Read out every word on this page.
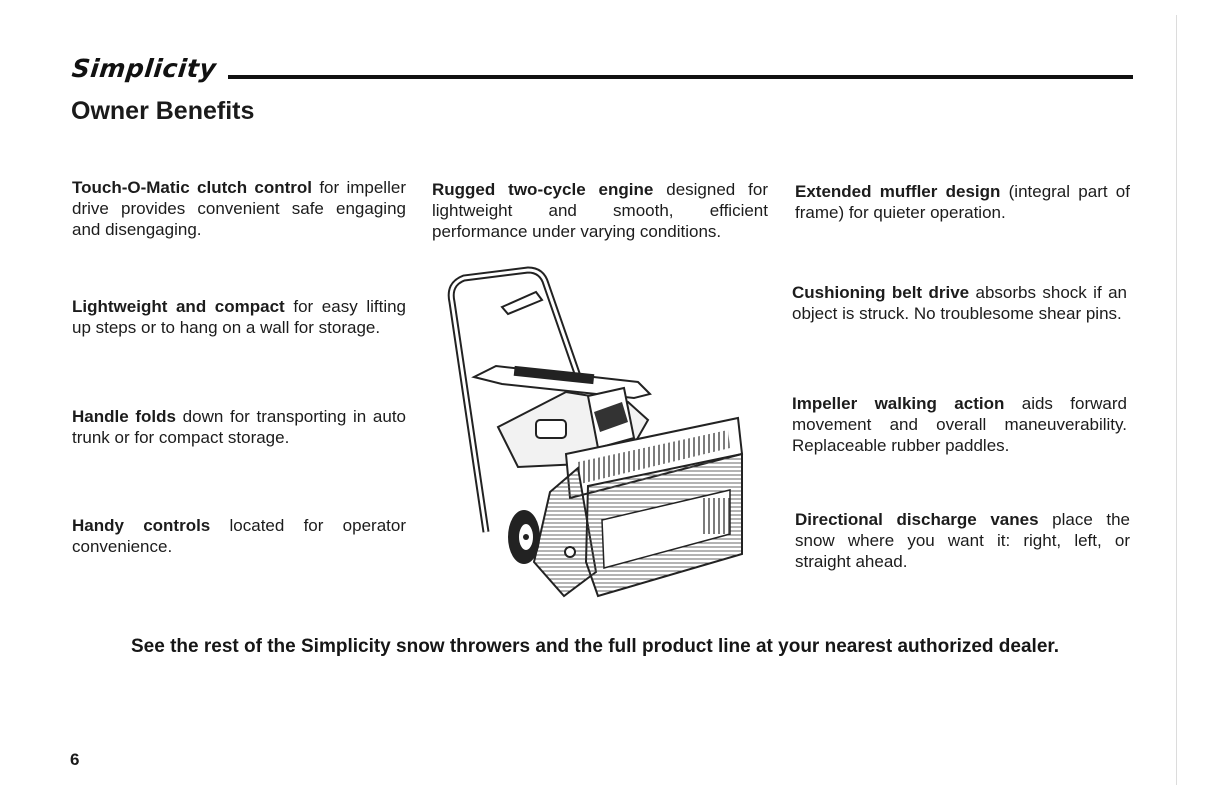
Simplicity
Owner Benefits
Touch-O-Matic clutch control for impeller drive provides convenient safe engaging and disengaging.
Lightweight and compact for easy lifting up steps or to hang on a wall for storage.
Handle folds down for transporting in auto trunk or for compact storage.
Handy controls located for operator convenience.
Rugged two-cycle engine designed for lightweight and smooth, efficient performance under varying conditions.
Extended muffler design (integral part of frame) for quieter operation.
Cushioning belt drive absorbs shock if an object is struck. No troublesome shear pins.
Impeller walking action aids forward movement and overall maneuverability. Replaceable rubber paddles.
Directional discharge vanes place the snow where you want it: right, left, or straight ahead.
See the rest of the Simplicity snow throwers and the full product line at your nearest authorized dealer.
6
